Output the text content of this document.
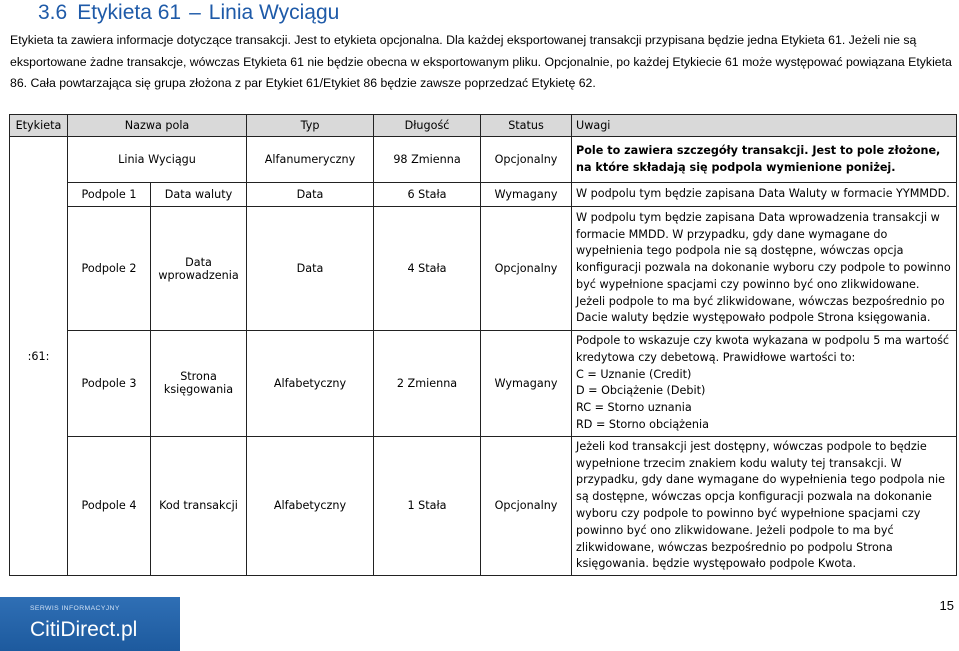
3.6 Etykieta 61 – Linia Wyciągu

Etykieta ta zawiera informacje dotyczące transakcji. Jest to etykieta opcjonalna. Dla każdej eksportowanej transakcji przypisana będzie jedna Etykieta 61. Jeżeli nie są eksportowane żadne transakcje, wówczas Etykieta 61 nie będzie obecna w eksportowanym pliku. Opcjonalnie, po każdej Etykiecie 61 może występować powiązana Etykieta 86. Cała powtarzająca się grupa złożona z par Etykiet 61/Etykiet 86 będzie zawsze poprzedzać Etykietę 62.

Etykieta	Nazwa pola		Typ	Długość	Status	Uwagi
:61:	Linia Wyciągu		Alfanumeryczny	98 Zmienna	Opcjonalny	Pole to zawiera szczegóły transakcji. Jest to pole złożone, na które składają się podpola wymienione poniżej.
	Podpole 1	Data waluty	Data	6 Stała	Wymagany	W podpolu tym będzie zapisana Data Waluty w formacie YYMMDD.

	Podpole 2	Data wprowadzenia	Data	4 Stała	Opcjonalny	W podpolu tym będzie zapisana Data wprowadzenia transakcji w formacie MMDD. W przypadku, gdy dane wymagane do wypełnienia tego podpola nie są dostępne, wówczas opcja konfiguracji pozwala na dokonanie wyboru czy podpole to powinno być wypełnione spacjami czy powinno być ono zlikwidowane. Jeżeli podpole to ma być zlikwidowane, wówczas bezpośrednio po Dacie waluty będzie występowało podpole Strona księgowania.

	Podpole 3	Strona księgowania	Alfabetyczny	2 Zmienna	Wymagany	Podpole to wskazuje czy kwota wykazana w podpolu 5 ma wartość kredytowa czy debetową. Prawidłowe wartości to:
C = Uznanie (Credit)
D = Obciążenie (Debit)
RC = Storno uznania
RD = Storno obciążenia

	Podpole 4	Kod transakcji	Alfabetyczny	1 Stała	Opcjonalny	Jeżeli kod transakcji jest dostępny, wówczas podpole to będzie wypełnione trzecim znakiem kodu waluty tej transakcji. W przypadku, gdy dane wymagane do wypełnienia tego podpola nie są dostępne, wówczas opcja konfiguracji pozwala na dokonanie wyboru czy podpole to powinno być wypełnione spacjami czy powinno być ono zlikwidowane. Jeżeli podpole to ma być zlikwidowane, wówczas bezpośrednio po podpolu Strona księgowania. będzie występowało podpole Kwota.
SERWIS INFORMACYJNY
CitiDirect.pl
15
